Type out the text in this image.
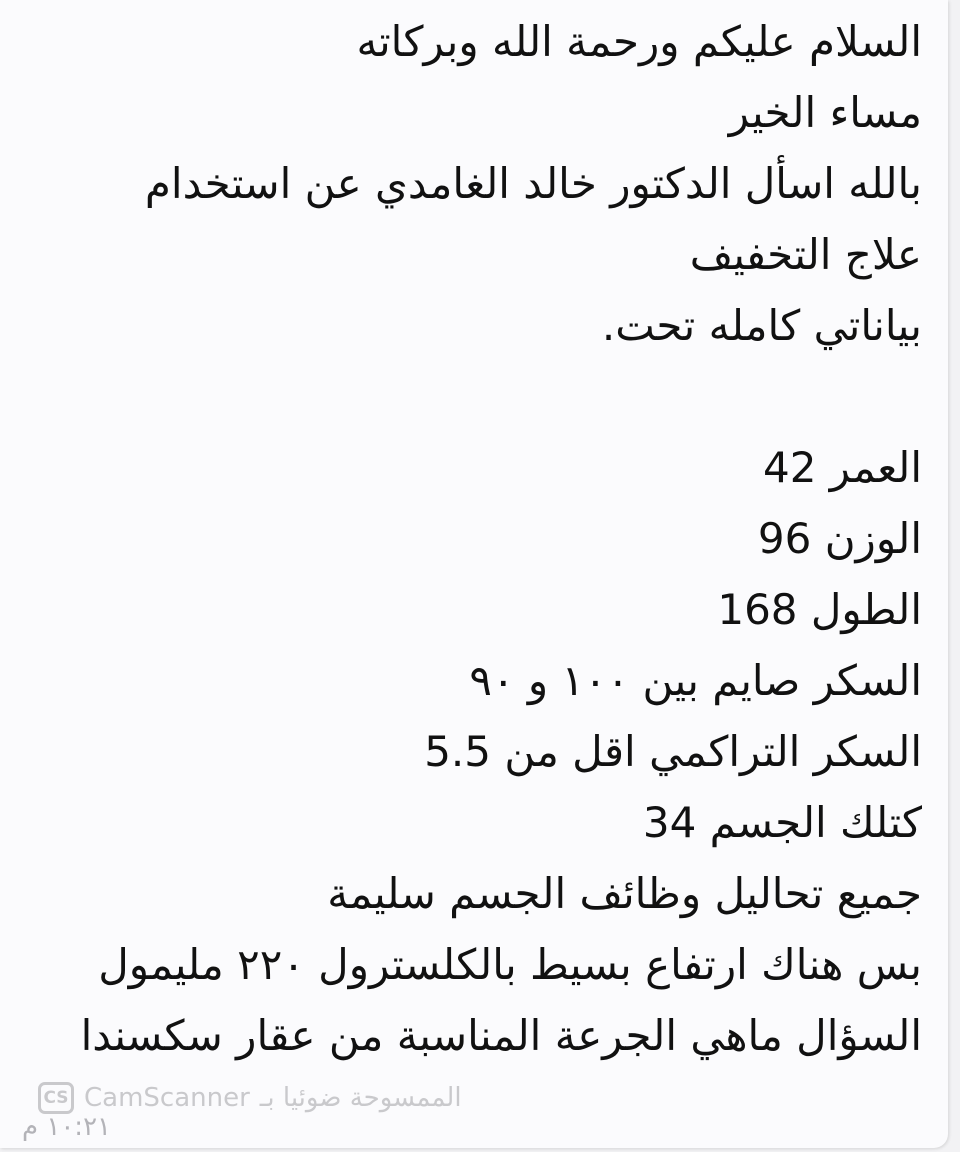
السلام عليكم ورحمة الله وبركاته
مساء الخير
بالله اسأل الدكتور خالد الغامدي عن استخدام
علاج التخفيف
بياناتي كامله تحت.
العمر 42
الوزن 96
الطول 168
السكر صايم بين ١٠٠ و ٩٠
السكر التراكمي اقل من 5.5
كتلك الجسم 34
جميع تحاليل وظائف الجسم سليمة
بس هناك ارتفاع بسيط بالكلسترول ٢٢٠ مليمول
السؤال ماهي الجرعة المناسبة من عقار سكسندا
CS CamScanner الممسوحة ضوئيا بـ
١٠:٢١ م
